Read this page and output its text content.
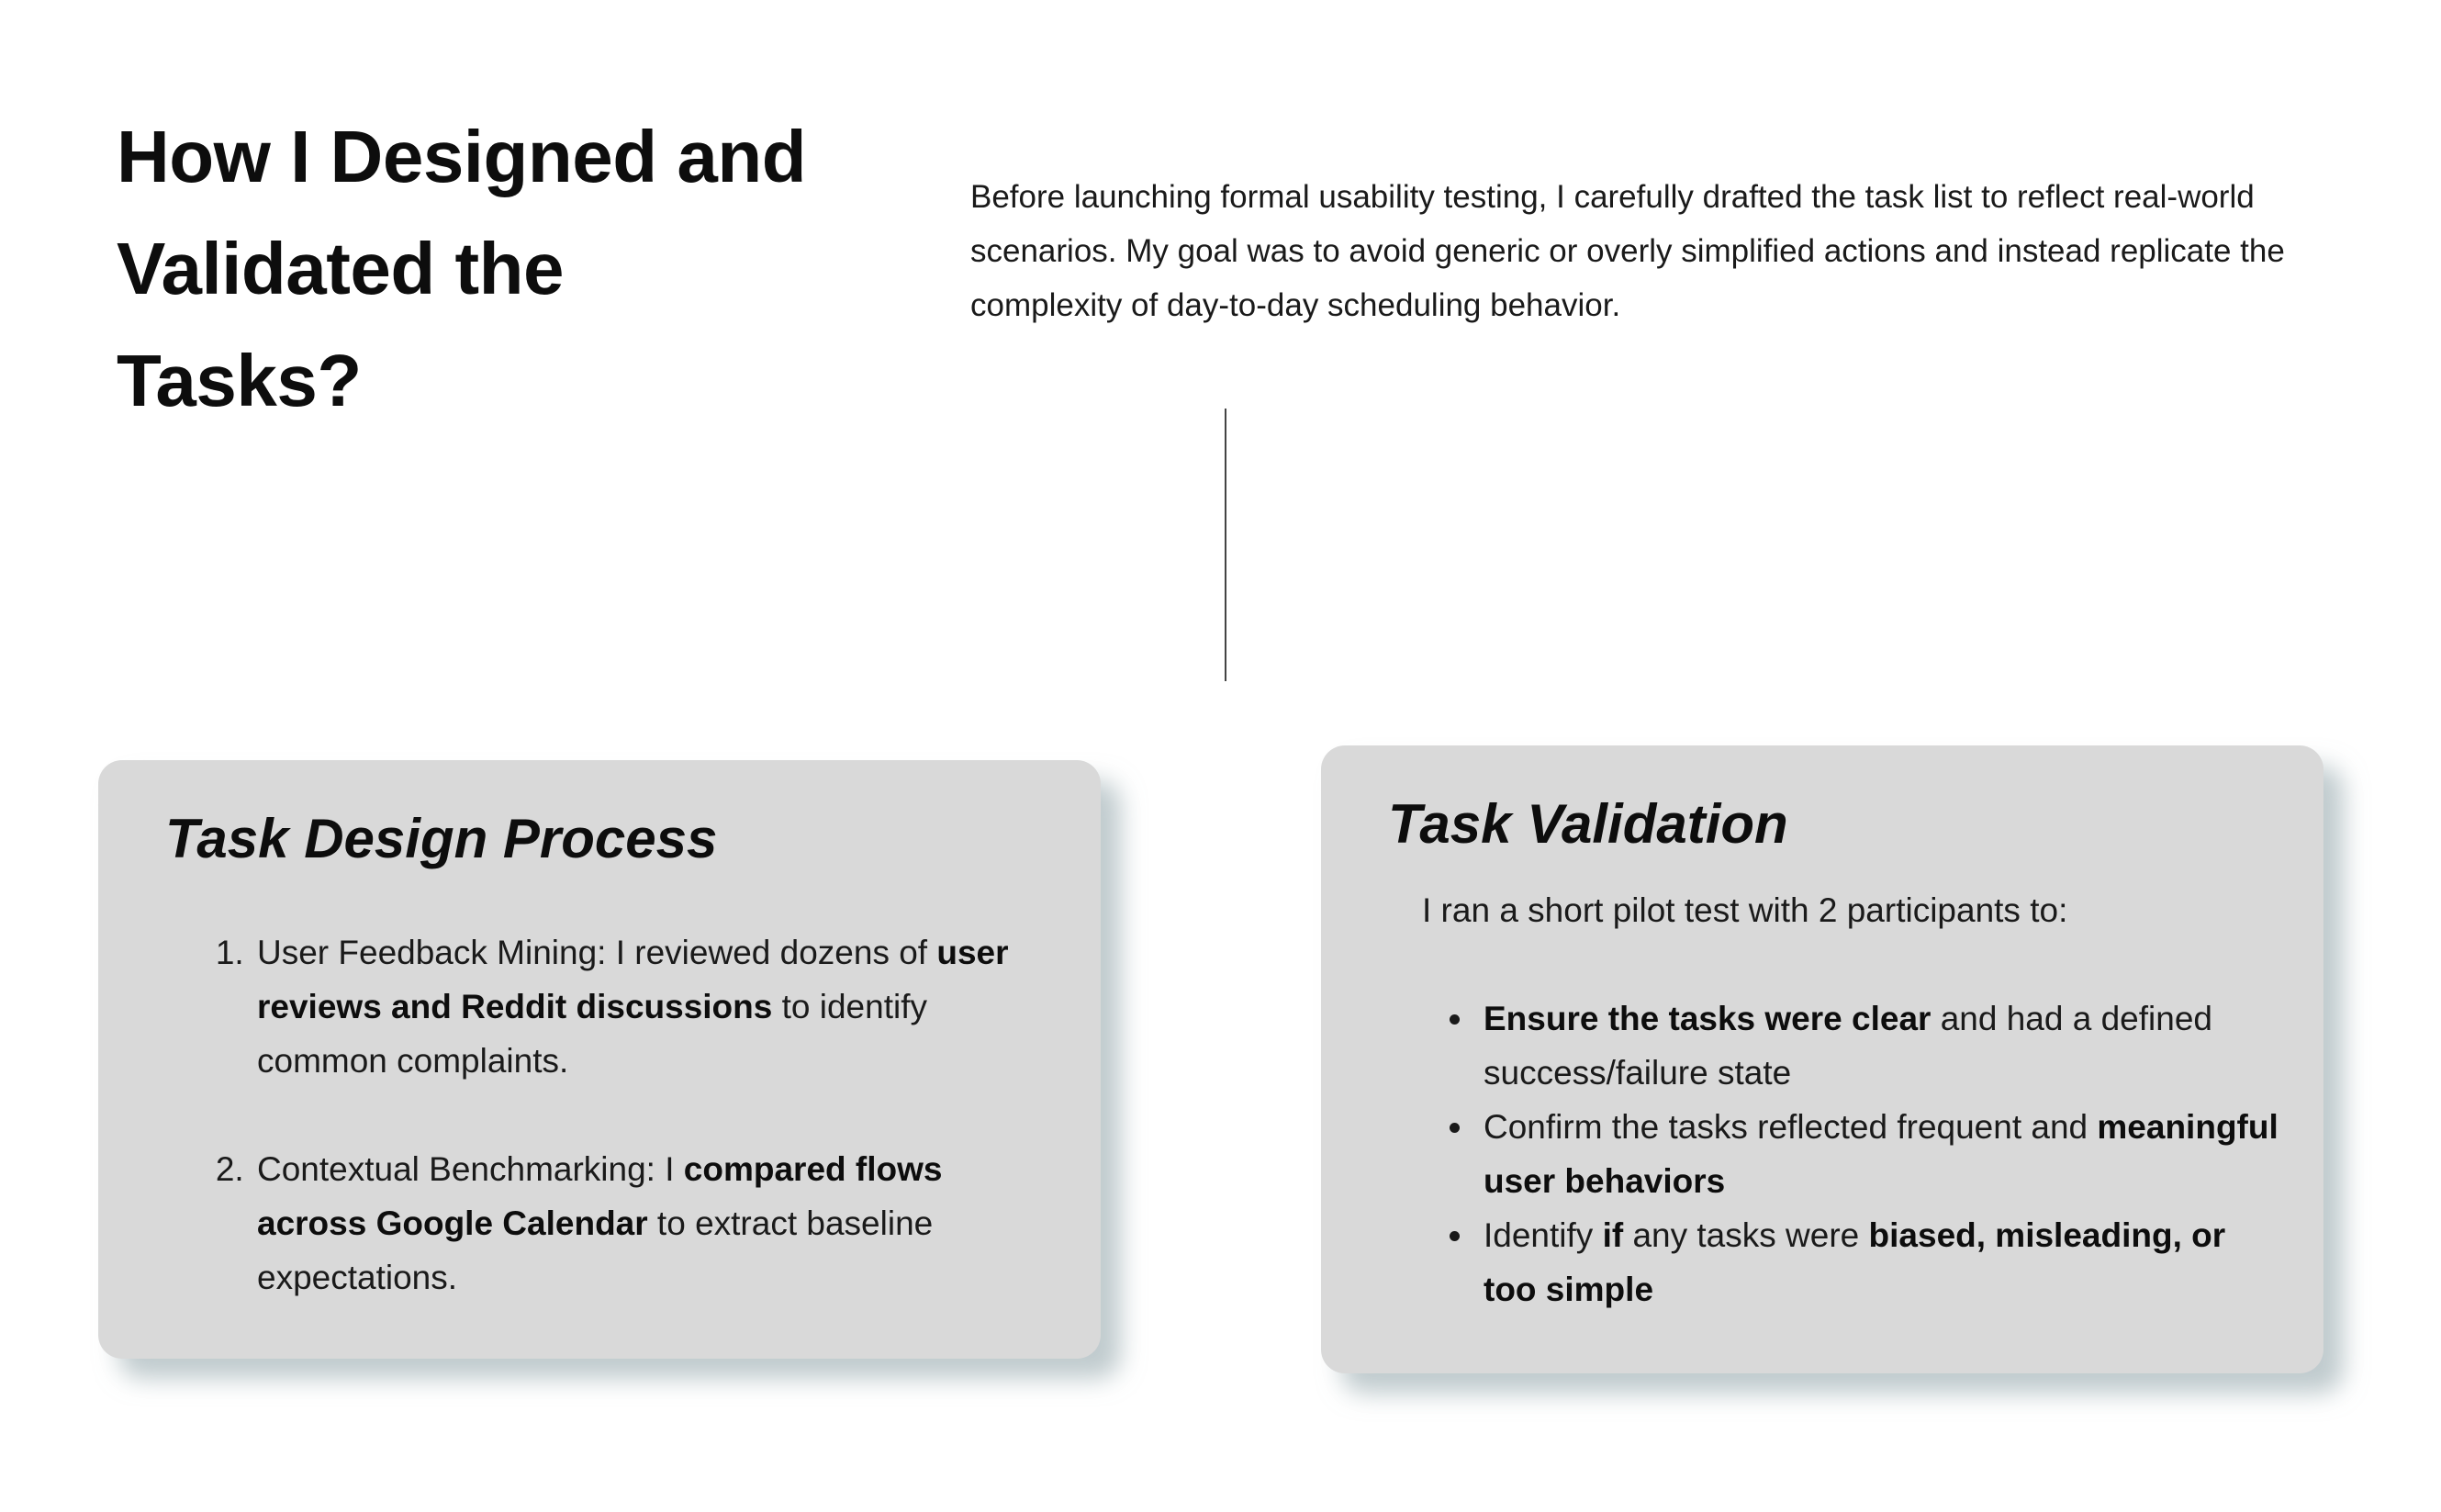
How I Designed and Validated the Tasks?

Before launching formal usability testing, I carefully drafted the task list to reflect real-world scenarios. My goal was to avoid generic or overly simplified actions and instead replicate the complexity of day-to-day scheduling behavior.

Task Design Process
1. User Feedback Mining: I reviewed dozens of user reviews and Reddit discussions to identify common complaints.
2. Contextual Benchmarking: I compared flows across Google Calendar to extract baseline expectations.
Task Validation

I ran a short pilot test with 2 participants to:

• Ensure the tasks were clear and had a defined success/failure state
• Confirm the tasks reflected frequent and meaningful user behaviors
• Identify if any tasks were biased, misleading, or too simple
